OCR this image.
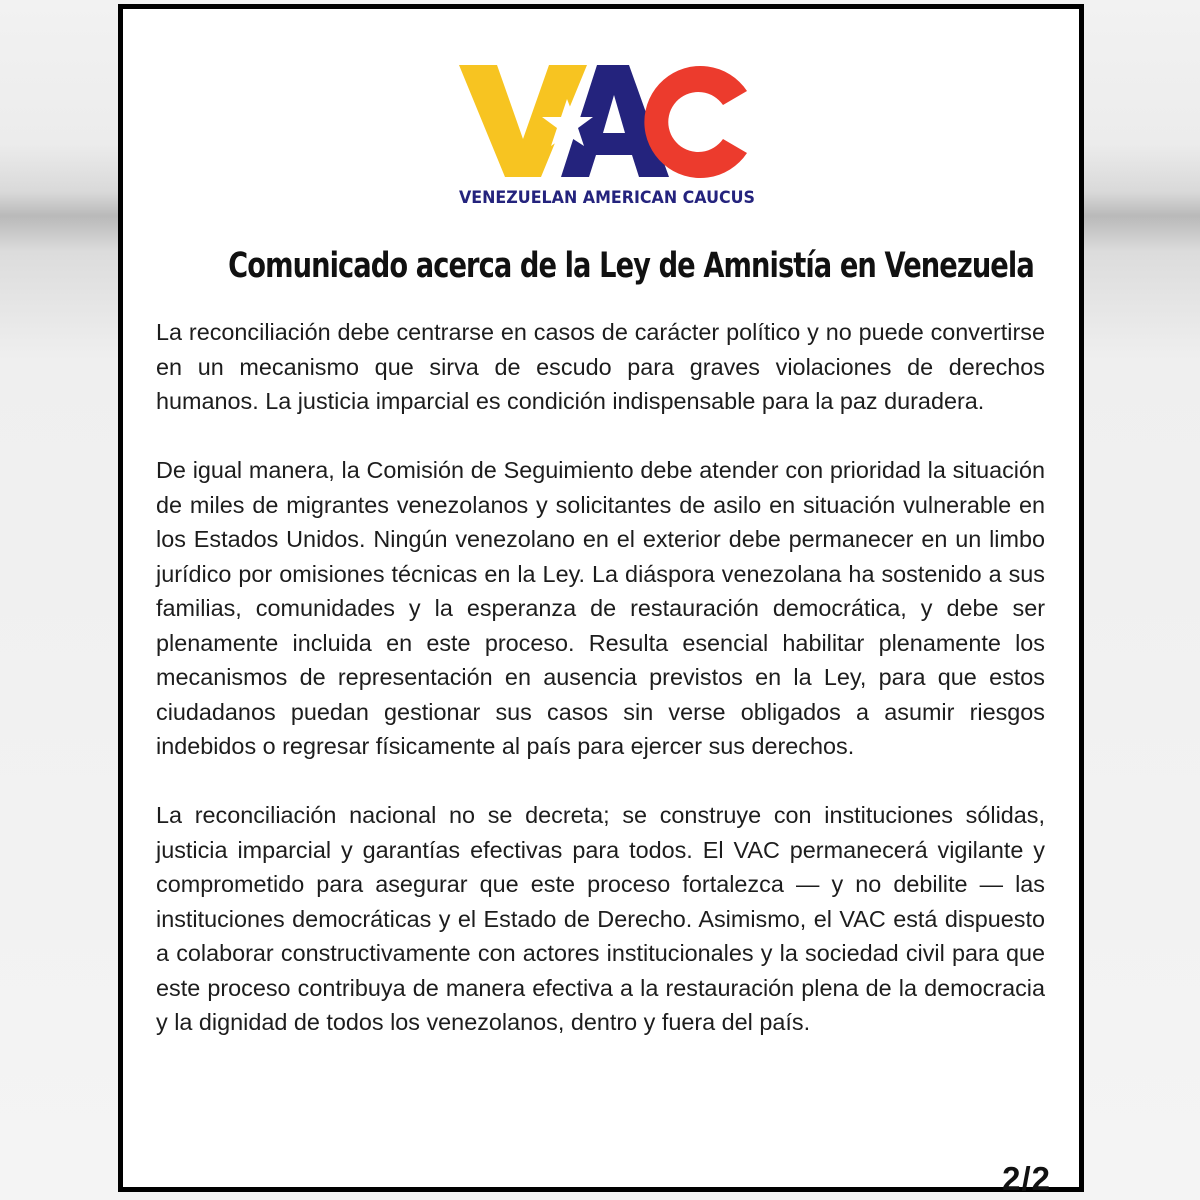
VENEZUELAN AMERICAN CAUCUS
Comunicado acerca de la Ley de Amnistía en Venezuela

La reconciliación debe centrarse en casos de carácter político y no puede convertirse en un mecanismo que sirva de escudo para graves violaciones de derechos humanos. La justicia imparcial es condición indispensable para la paz duradera.

De igual manera, la Comisión de Seguimiento debe atender con prioridad la situación de miles de migrantes venezolanos y solicitantes de asilo en situación vulnerable en los Estados Unidos. Ningún venezolano en el exterior debe permanecer en un limbo jurídico por omisiones técnicas en la Ley. La diáspora venezolana ha sostenido a sus familias, comunidades y la esperanza de restauración democrática, y debe ser plenamente incluida en este proceso. Resulta esencial habilitar plenamente los mecanismos de representación en ausencia previstos en la Ley, para que estos ciudadanos puedan gestionar sus casos sin verse obligados a asumir riesgos indebidos o regresar físicamente al país para ejercer sus derechos.

La reconciliación nacional no se decreta; se construye con instituciones sólidas, justicia imparcial y garantías efectivas para todos. El VAC permanecerá vigilante y comprometido para asegurar que este proceso fortalezca — y no debilite — las instituciones democráticas y el Estado de Derecho. Asimismo, el VAC está dispuesto a colaborar constructivamente con actores institucionales y la sociedad civil para que este proceso contribuya de manera efectiva a la restauración plena de la democracia y la dignidad de todos los venezolanos, dentro y fuera del país.

2/2
